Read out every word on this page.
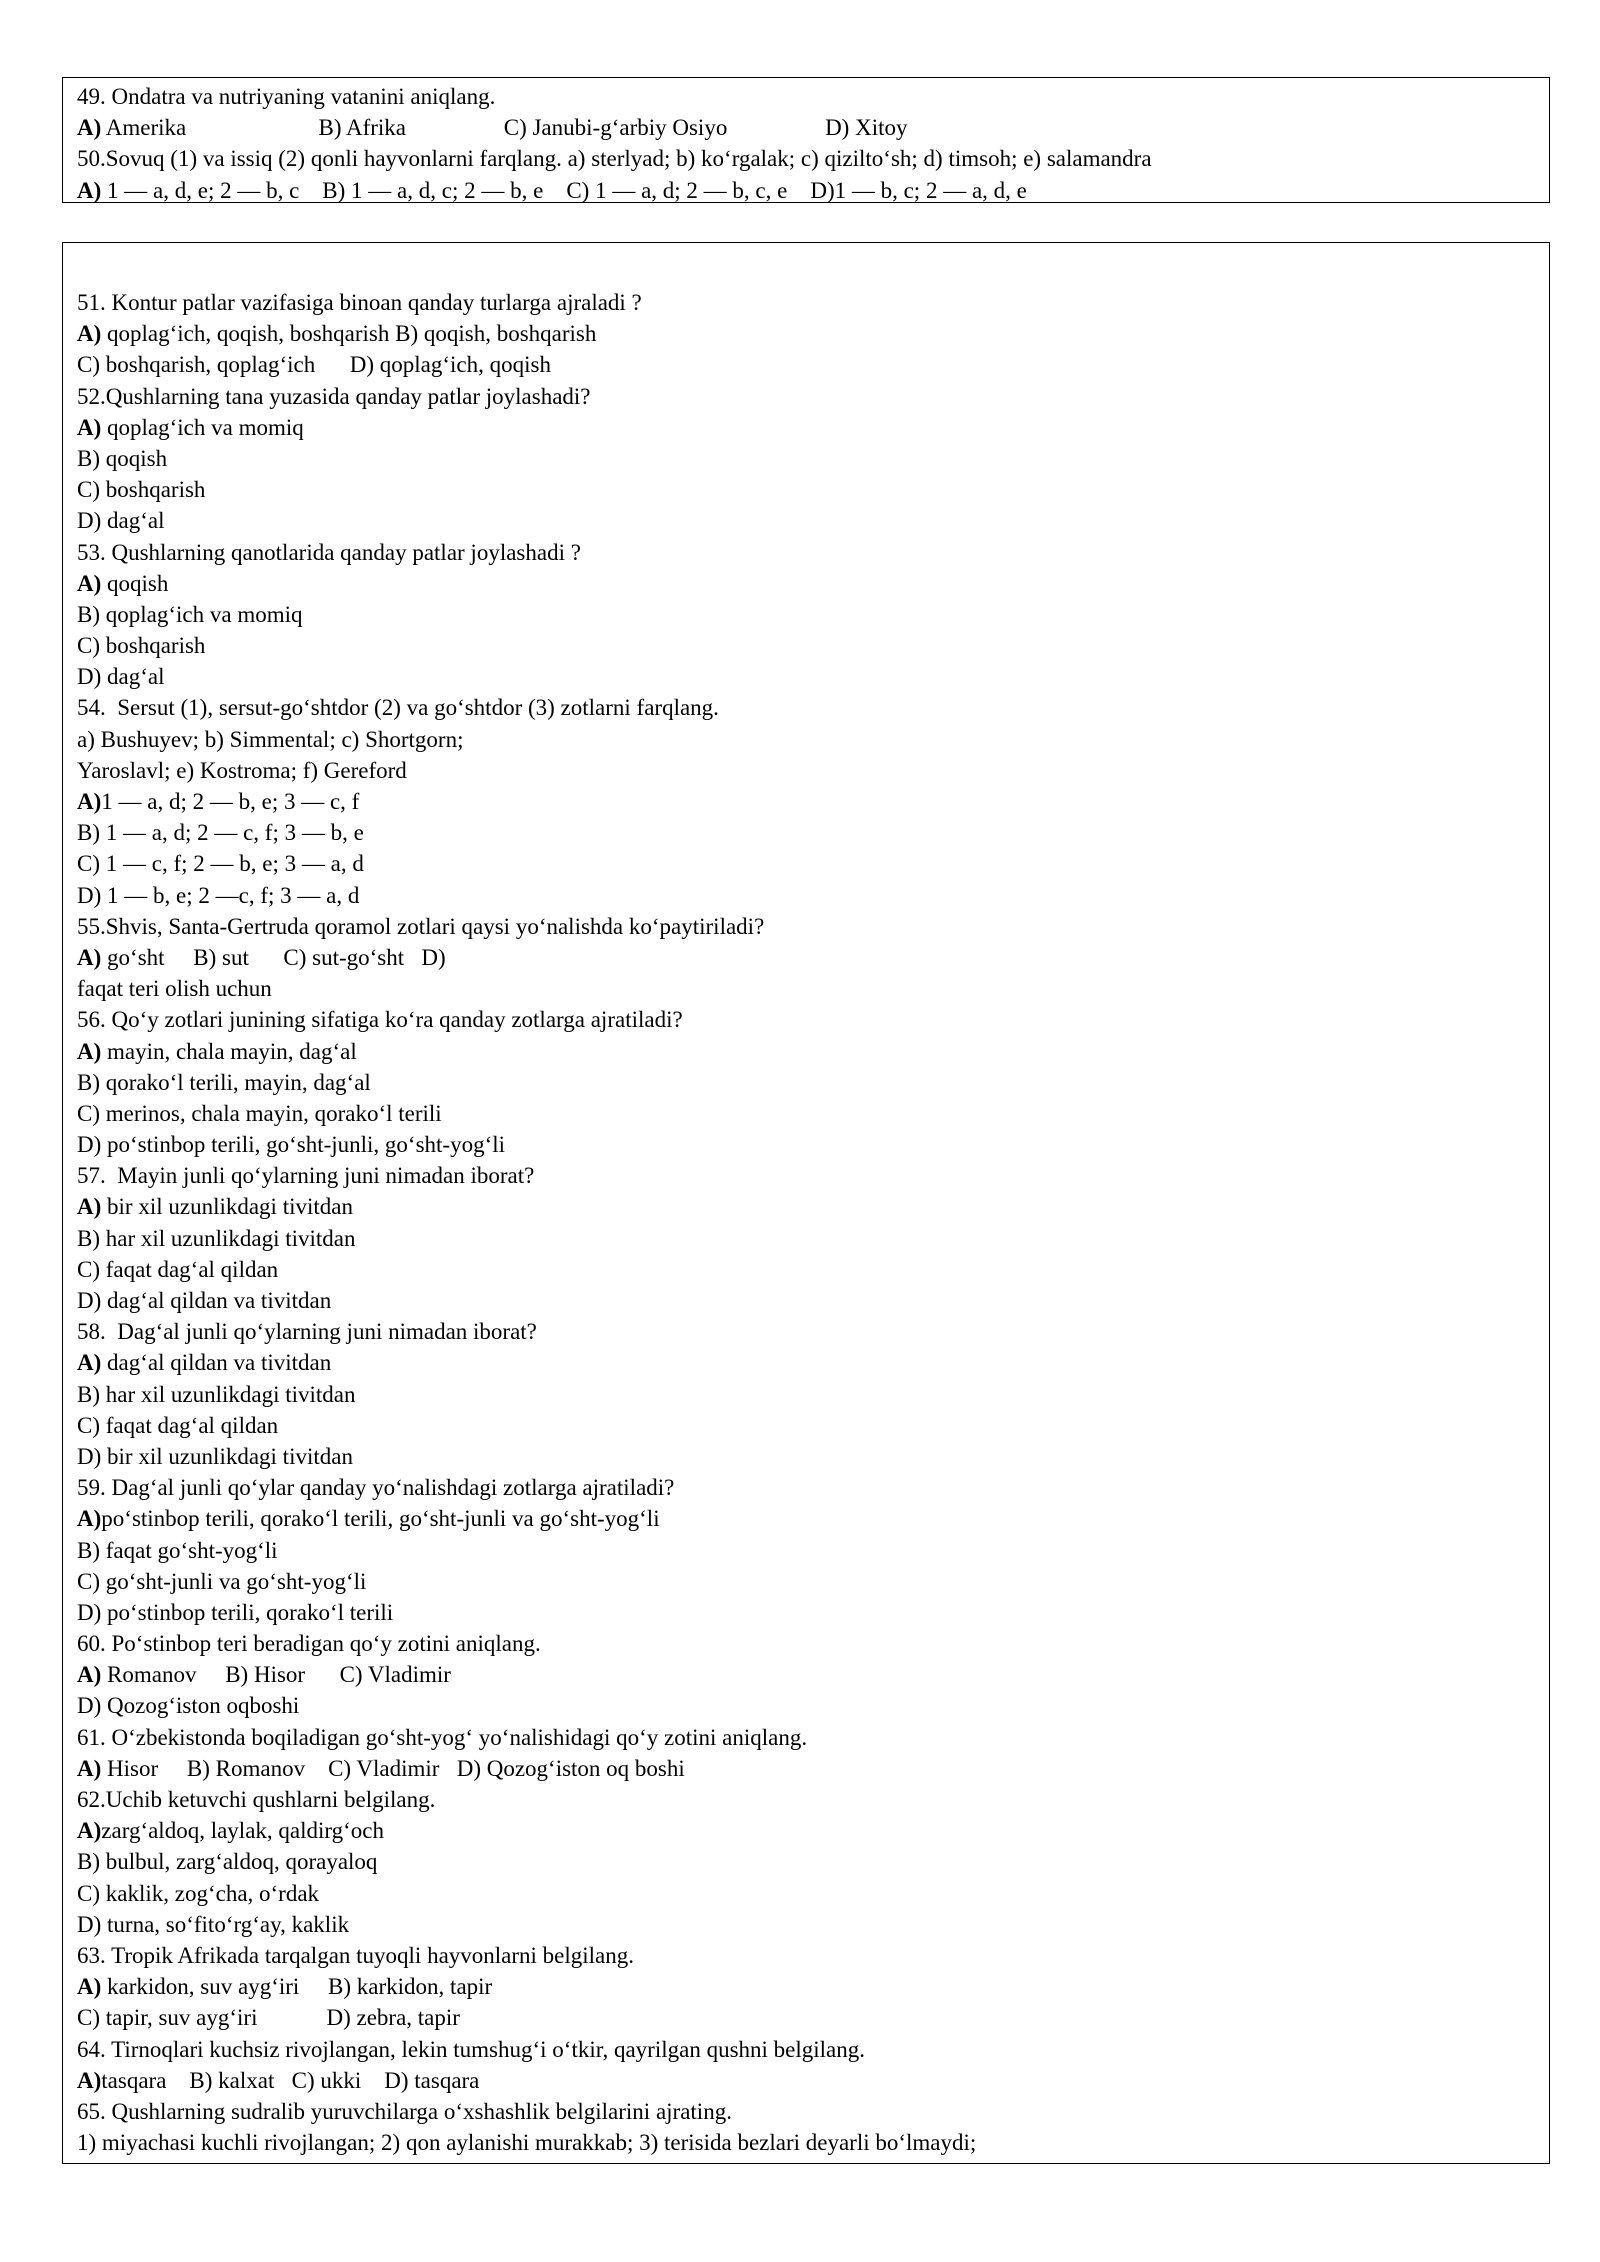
49. Ondatra va nutriyaning vatanini aniqlang.
A) Amerika                       B) Afrika                 C) Janubi-g‘arbiy Osiyo                 D) Xitoy
50.Sovuq (1) va issiq (2) qonli hayvonlarni farqlang. a) sterlyad; b) ko‘rgalak; c) qizilto‘sh; d) timsoh; e) salamandra
A) 1 — a, d, e; 2 — b, c    B) 1 — a, d, c; 2 — b, e    C) 1 — a, d; 2 — b, c, e    D)1 — b, c; 2 — a, d, e
51. Kontur patlar vazifasiga binoan qanday turlarga ajraladi ?
A) qoplag‘ich, qoqish, boshqarish B) qoqish, boshqarish
C) boshqarish, qoplag‘ich      D) qoplag‘ich, qoqish
52.Qushlarning tana yuzasida qanday patlar joylashadi?
A) qoplag‘ich va momiq
B) qoqish
C) boshqarish
D) dag‘al
53. Qushlarning qanotlarida qanday patlar joylashadi ?
A) qoqish
B) qoplag‘ich va momiq
C) boshqarish
D) dag‘al
54.  Sersut (1), sersut-go‘shtdor (2) va go‘shtdor (3) zotlarni farqlang.
a) Bushuyev; b) Simmental; c) Shortgorn;
Yaroslavl; e) Kostroma; f) Gereford
A)1 — a, d; 2 — b, e; 3 — c, f
B) 1 — a, d; 2 — c, f; 3 — b, e
C) 1 — c, f; 2 — b, e; 3 — a, d
D) 1 — b, e; 2 —c, f; 3 — a, d
55.Shvis, Santa-Gertruda qoramol zotlari qaysi yo‘nalishda ko‘paytiriladi?
A) go‘sht     B) sut      C) sut-go‘sht   D)
faqat teri olish uchun
56. Qo‘y zotlari junining sifatiga ko‘ra qanday zotlarga ajratiladi?
A) mayin, chala mayin, dag‘al
B) qorako‘l terili, mayin, dag‘al
C) merinos, chala mayin, qorako‘l terili
D) po‘stinbop terili, go‘sht-junli, go‘sht-yog‘li
57.  Mayin junli qo‘ylarning juni nimadan iborat?
A) bir xil uzunlikdagi tivitdan
B) har xil uzunlikdagi tivitdan
C) faqat dag‘al qildan
D) dag‘al qildan va tivitdan
58.  Dag‘al junli qo‘ylarning juni nimadan iborat?
A) dag‘al qildan va tivitdan
B) har xil uzunlikdagi tivitdan
C) faqat dag‘al qildan
D) bir xil uzunlikdagi tivitdan
59. Dag‘al junli qo‘ylar qanday yo‘nalishdagi zotlarga ajratiladi?
A)po‘stinbop terili, qorako‘l terili, go‘sht-junli va go‘sht-yog‘li
B) faqat go‘sht-yog‘li
C) go‘sht-junli va go‘sht-yog‘li
D) po‘stinbop terili, qorako‘l terili
60. Po‘stinbop teri beradigan qo‘y zotini aniqlang.
A) Romanov     B) Hisor      C) Vladimir
D) Qozog‘iston oqboshi
61. O‘zbekistonda boqiladigan go‘sht-yog‘ yo‘nalishidagi qo‘y zotini aniqlang.
A) Hisor     B) Romanov    C) Vladimir   D) Qozog‘iston oq boshi
62.Uchib ketuvchi qushlarni belgilang.
A)zarg‘aldoq, laylak, qaldirg‘och
B) bulbul, zarg‘aldoq, qorayaloq
C) kaklik, zog‘cha, o‘rdak
D) turna, so‘fito‘rg‘ay, kaklik
63. Tropik Afrikada tarqalgan tuyoqli hayvonlarni belgilang.
A) karkidon, suv ayg‘iri     B) karkidon, tapir
C) tapir, suv ayg‘iri            D) zebra, tapir
64. Tirnoqlari kuchsiz rivojlangan, lekin tumshug‘i o‘tkir, qayrilgan qushni belgilang.
A)tasqara    B) kalxat   C) ukki    D) tasqara
65. Qushlarning sudralib yuruvchilarga o‘xshashlik belgilarini ajrating.
1) miyachasi kuchli rivojlangan; 2) qon aylanishi murakkab; 3) terisida bezlari deyarli bo‘lmaydi;
